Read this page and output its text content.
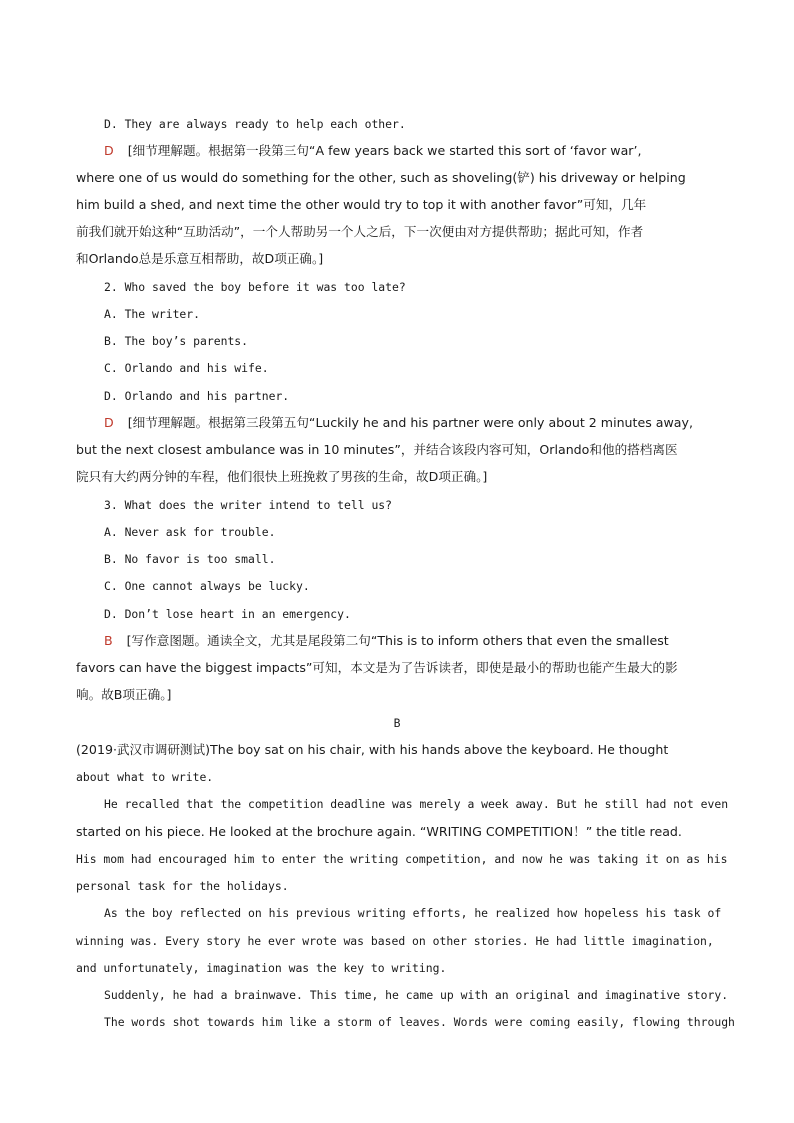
D. They are always ready to help each other.
D [细节理解题。根据第一段第三句“A few years back we started this sort of ‘favor war’,
where one of us would do something for the other, such as shoveling(铲) his driveway or helping
him build a shed, and next time the other would try to top it with another favor”可知，几年
前我们就开始这种“互助活动”，一个人帮助另一个人之后，下一次便由对方提供帮助；据此可知，作者
和Orlando总是乐意互相帮助，故D项正确。]
2. Who saved the boy before it was too late?
A. The writer.
B. The boy’s parents.
C. Orlando and his wife.
D. Orlando and his partner.
D [细节理解题。根据第三段第五句“Luckily he and his partner were only about 2 minutes away,
but the next closest ambulance was in 10 minutes”，并结合该段内容可知，Orlando和他的搭档离医
院只有大约两分钟的车程，他们很快上班挽救了男孩的生命，故D项正确。]
3. What does the writer intend to tell us?
A. Never ask for trouble.
B. No favor is too small.
C. One cannot always be lucky.
D. Don’t lose heart in an emergency.
B [写作意图题。通读全文，尤其是尾段第二句“This is to inform others that even the smallest
favors can have the biggest impacts”可知，本文是为了告诉读者，即使是最小的帮助也能产生最大的影
响。故B项正确。]
B
(2019·武汉市调研测试)The boy sat on his chair, with his hands above the keyboard. He thought
about what to write.
He recalled that the competition deadline was merely a week away. But he still had not even
started on his piece. He looked at the brochure again. “WRITING COMPETITION！” the title read.
His mom had encouraged him to enter the writing competition, and now he was taking it on as his
personal task for the holidays.
As the boy reflected on his previous writing efforts, he realized how hopeless his task of
winning was. Every story he ever wrote was based on other stories. He had little imagination,
and unfortunately, imagination was the key to writing.
Suddenly, he had a brainwave. This time, he came up with an original and imaginative story.
The words shot towards him like a storm of leaves. Words were coming easily, flowing through
